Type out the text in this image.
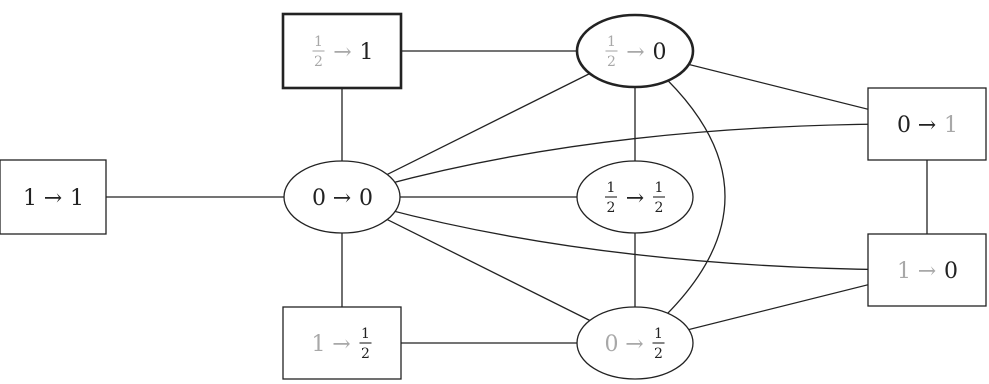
1
2 → 1	1
2 → 0
1 → 1	0 → 0	1
2 → 1
2
0 → 1
1 → 0
1 → 1
2	0 → 1
2
